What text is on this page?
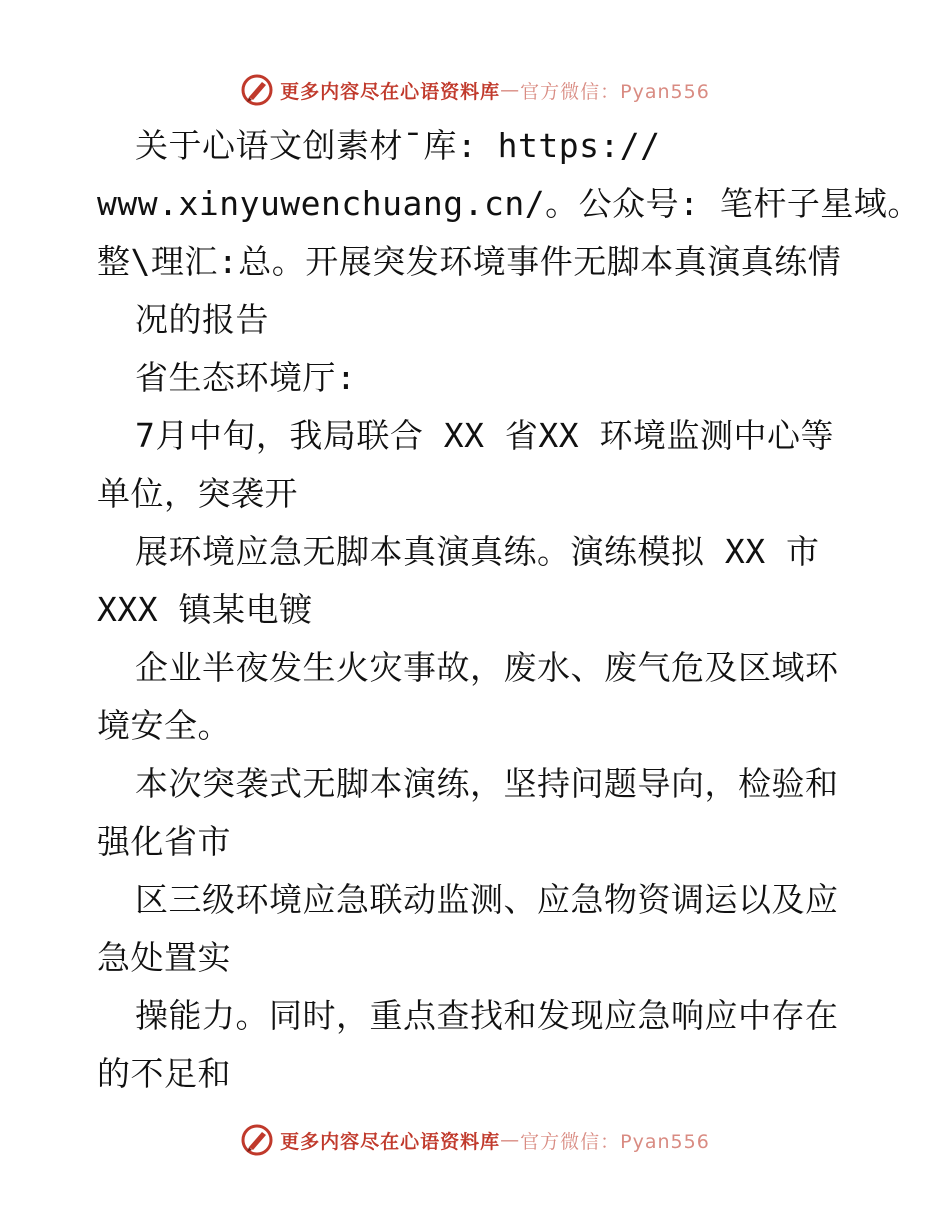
更多内容尽在心语资料库 — 官方微信：Pyan556
关于心语文创素材¯库: https://
www.xinyuwenchuang.cn/。公众号: 笔杆子星域。
整\理汇:总。开展突发环境事件无脚本真演真练情
况的报告
省生态环境厅:
7月中旬，我局联合 XX 省XX 环境监测中心等
单位，突袭开
展环境应急无脚本真演真练。演练模拟 XX 市
XXX 镇某电镀
企业半夜发生火灾事故，废水、废气危及区域环
境安全。
本次突袭式无脚本演练，坚持问题导向，检验和
强化省市
区三级环境应急联动监测、应急物资调运以及应
急处置实
操能力。同时，重点查找和发现应急响应中存在
的不足和
更多内容尽在心语资料库 — 官方微信：Pyan556
